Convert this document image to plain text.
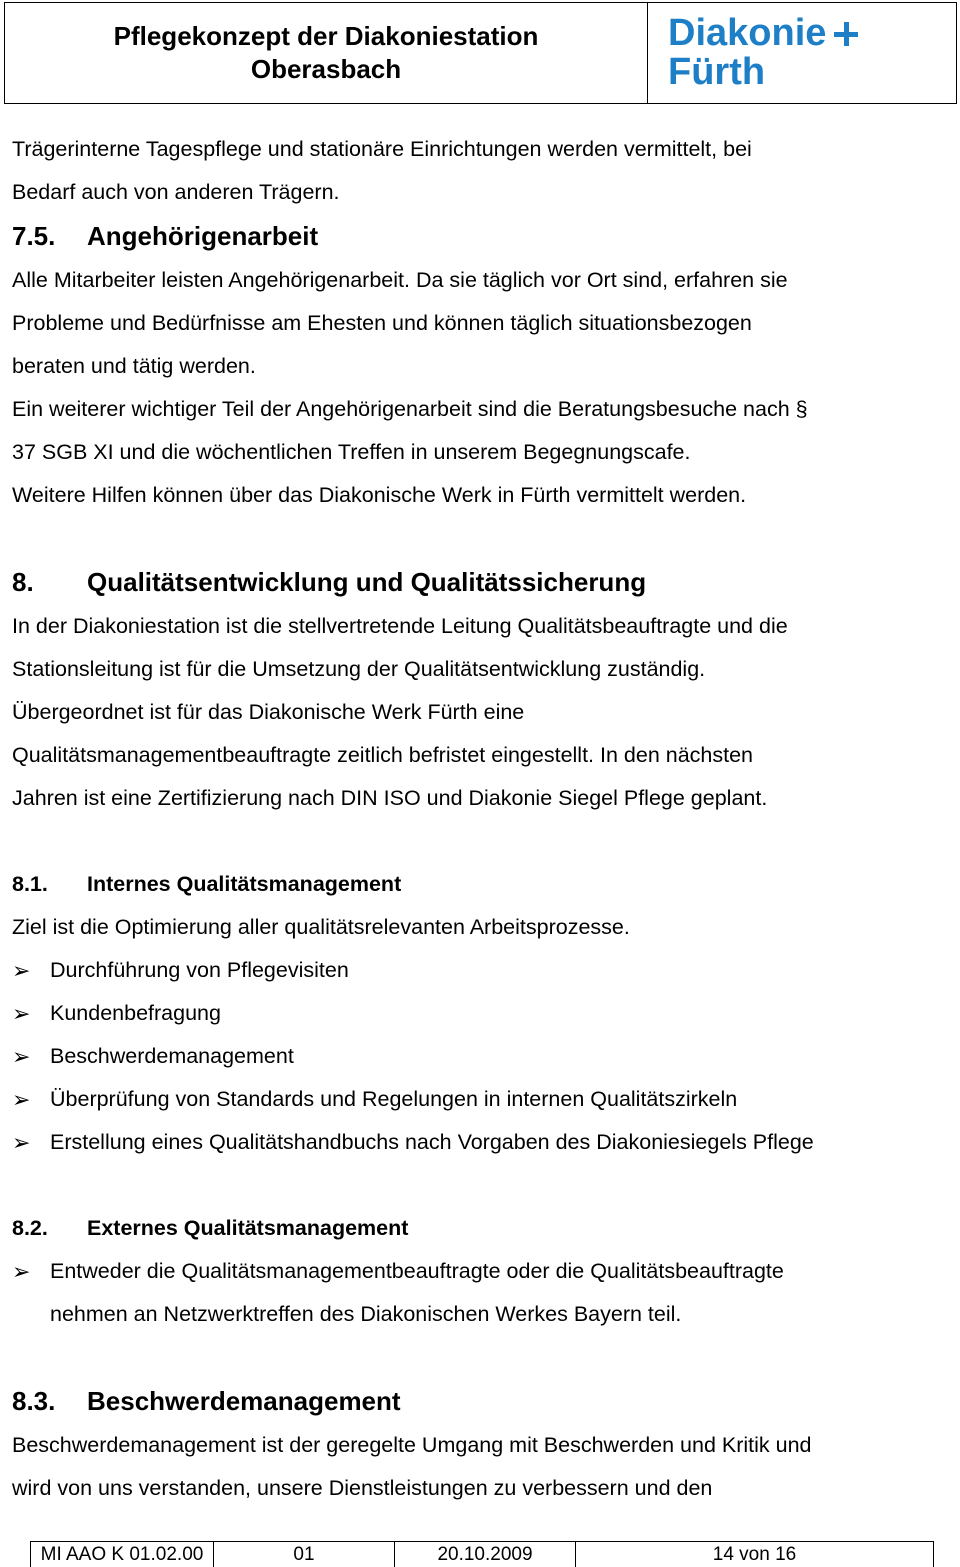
Pflegekonzept der Diakoniestation
Oberasbach
Diakonie
Fürth

Trägerinterne Tagespflege und stationäre Einrichtungen werden vermittelt, bei

Bedarf auch von anderen Trägern.

7.5.	Angehörigenarbeit

Alle Mitarbeiter leisten Angehörigenarbeit. Da sie täglich vor Ort sind, erfahren sie

Probleme und Bedürfnisse am Ehesten und können täglich situationsbezogen

beraten und tätig werden.

Ein weiterer wichtiger Teil der Angehörigenarbeit sind die Beratungsbesuche nach §

37 SGB XI und die wöchentlichen Treffen in unserem Begegnungscafe.

Weitere Hilfen können über das Diakonische Werk in Fürth vermittelt werden.

8.	Qualitätsentwicklung und Qualitätssicherung

In der Diakoniestation ist die stellvertretende Leitung Qualitätsbeauftragte und die

Stationsleitung ist für die Umsetzung der Qualitätsentwicklung zuständig.

Übergeordnet ist für das Diakonische Werk Fürth eine

Qualitätsmanagementbeauftragte zeitlich befristet eingestellt. In den nächsten

Jahren ist eine Zertifizierung nach DIN ISO und Diakonie Siegel Pflege geplant.

8.1.	Internes Qualitätsmanagement

Ziel ist die Optimierung aller qualitätsrelevanten Arbeitsprozesse.

➢ Durchführung von Pflegevisiten
➢ Kundenbefragung
➢ Beschwerdemanagement
➢ Überprüfung von Standards und Regelungen in internen Qualitätszirkeln
➢ Erstellung eines Qualitätshandbuchs nach Vorgaben des Diakoniesiegels Pflege
8.2.	Externes Qualitätsmanagement
➢ Entweder die Qualitätsmanagementbeauftragte oder die Qualitätsbeauftragte
nehmen an Netzwerktreffen des Diakonischen Werkes Bayern teil.
8.3.	Beschwerdemanagement

Beschwerdemanagement ist der geregelte Umgang mit Beschwerden und Kritik und

wird von uns verstanden, unsere Dienstleistungen zu verbessern und den

MI AAO K 01.02.00	01	20.10.2009	14 von 16
